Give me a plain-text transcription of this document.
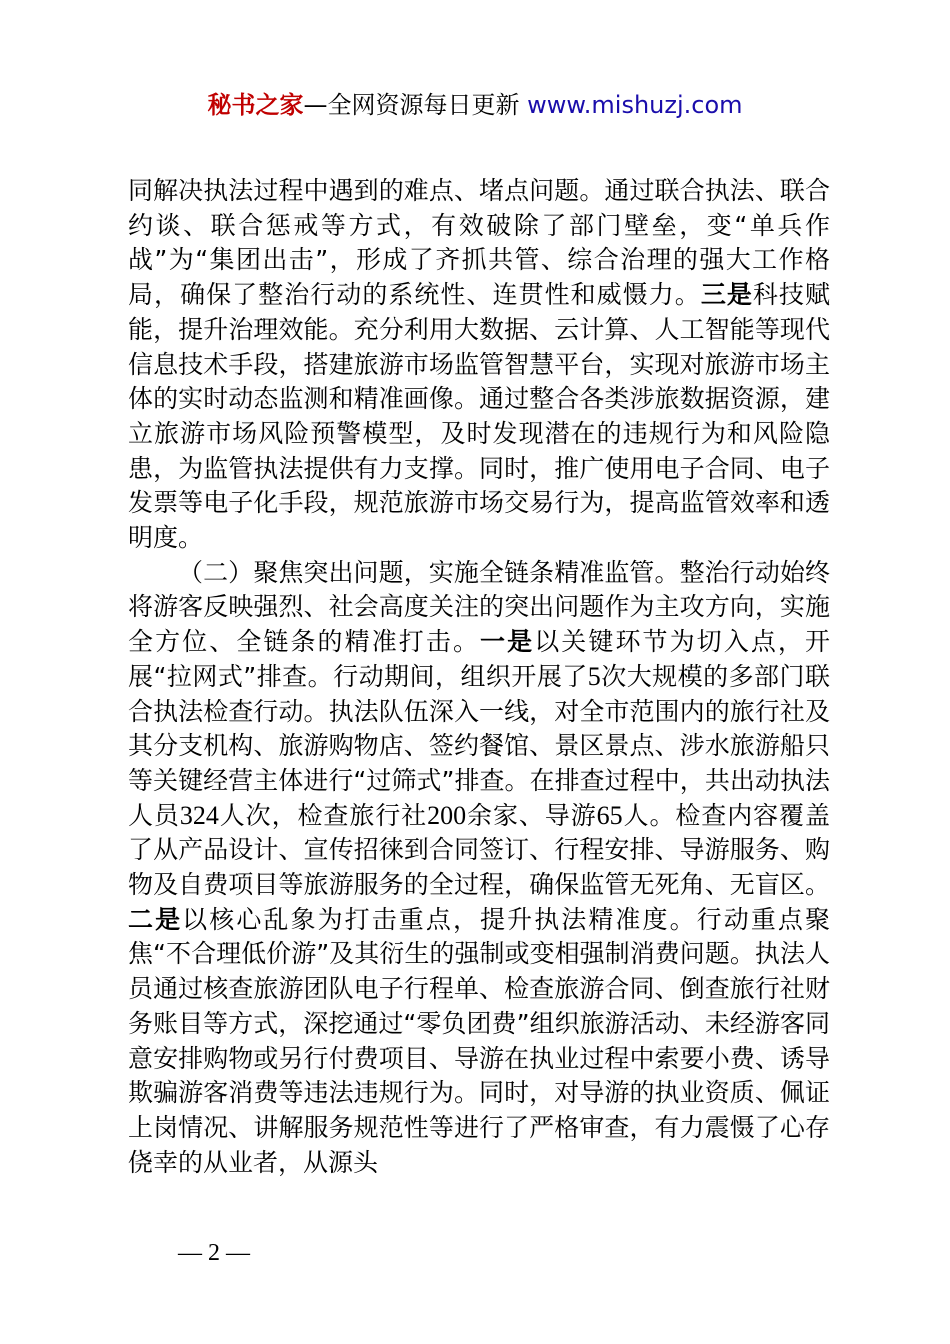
秘书之家—全网资源每日更新 www.mishuzj.com

同解决执法过程中遇到的难点、堵点问题。通过联合执法、联合约谈、联合惩戒等方式，有效破除了部门壁垒，变“单兵作战”为“集团出击”，形成了齐抓共管、综合治理的强大工作格局，确保了整治行动的系统性、连贯性和威慑力。三是科技赋能，提升治理效能。充分利用大数据、云计算、人工智能等现代信息技术手段，搭建旅游市场监管智慧平台，实现对旅游市场主体的实时动态监测和精准画像。通过整合各类涉旅数据资源，建立旅游市场风险预警模型，及时发现潜在的违规行为和风险隐患，为监管执法提供有力支撑。同时，推广使用电子合同、电子发票等电子化手段，规范旅游市场交易行为，提高监管效率和透明度。

（二）聚焦突出问题，实施全链条精准监管。整治行动始终将游客反映强烈、社会高度关注的突出问题作为主攻方向，实施全方位、全链条的精准打击。一是以关键环节为切入点，开展“拉网式”排查。行动期间，组织开展了5次大规模的多部门联合执法检查行动。执法队伍深入一线，对全市范围内的旅行社及其分支机构、旅游购物店、签约餐馆、景区景点、涉水旅游船只等关键经营主体进行“过筛式”排查。在排查过程中，共出动执法人员324人次，检查旅行社200余家、导游65人。检查内容覆盖了从产品设计、宣传招徕到合同签订、行程安排、导游服务、购物及自费项目等旅游服务的全过程，确保监管无死角、无盲区。二是以核心乱象为打击重点，提升执法精准度。行动重点聚焦“不合理低价游”及其衍生的强制或变相强制消费问题。执法人员通过核查旅游团队电子行程单、检查旅游合同、倒查旅行社财务账目等方式，深挖通过“零负团费”组织旅游活动、未经游客同意安排购物或另行付费项目、导游在执业过程中索要小费、诱导欺骗游客消费等违法违规行为。同时，对导游的执业资质、佩证上岗情况、讲解服务规范性等进行了严格审查，有力震慑了心存侥幸的从业者，从源头

— 2 —
